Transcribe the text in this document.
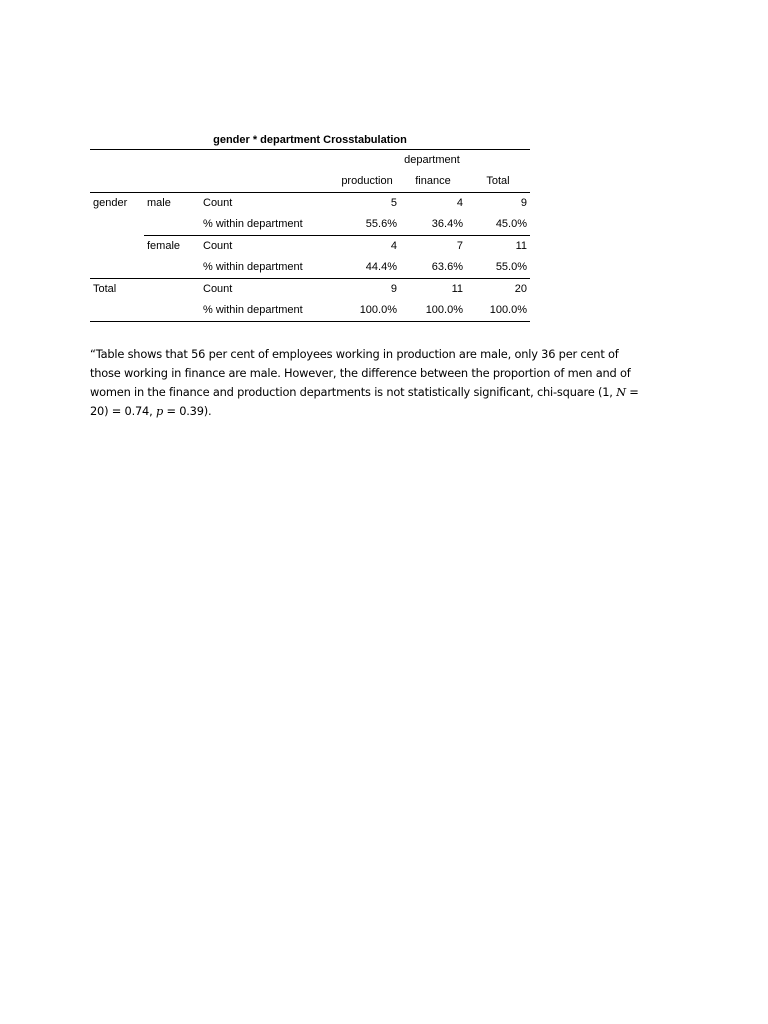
gender * department Crosstabulation
			department		
			production	finance	Total
gender	male	Count	5	4	9
		% within department	55.6%	36.4%	45.0%
	female	Count	4	7	11
		% within department	44.4%	63.6%	55.0%
Total		Count	9	11	20
		% within department	100.0%	100.0%	100.0%
“Table shows that 56 per cent of employees working in production are male, only 36 per cent of those working in finance are male. However, the difference between the proportion of men and of women in the finance and production departments is not statistically significant, chi-square (1, N = 20) = 0.74, p = 0.39).
